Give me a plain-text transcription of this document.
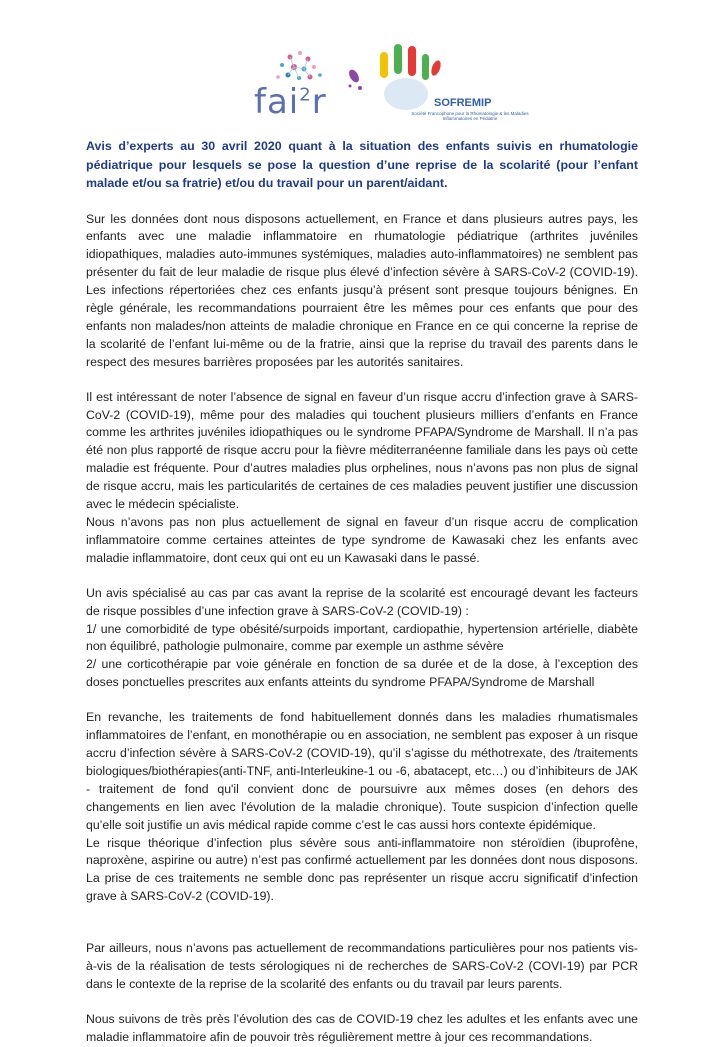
fai$^2$r	SOFREMIP
Société Francophone pour la Rhumatologie & les Maladies Inflammatoires en Pédiatrie
Avis d’experts au 30 avril 2020 quant à la situation des enfants suivis en rhumatologie pédiatrique pour lesquels se pose la question d’une reprise de la scolarité (pour l’enfant malade et/ou sa fratrie) et/ou du travail pour un parent/aidant.

Sur les données dont nous disposons actuellement, en France et dans plusieurs autres pays, les enfants avec une maladie inflammatoire en rhumatologie pédiatrique (arthrites juvéniles idiopathiques, maladies auto-immunes systémiques, maladies auto-inflammatoires) ne semblent pas présenter du fait de leur maladie de risque plus élevé d’infection sévère à SARS-CoV-2 (COVID-19). Les infections répertoriées chez ces enfants jusqu’à présent sont presque toujours bénignes. En règle générale, les recommandations pourraient être les mêmes pour ces enfants que pour des enfants non malades/non atteints de maladie chronique en France en ce qui concerne la reprise de la scolarité de l’enfant lui-même ou de la fratrie, ainsi que la reprise du travail des parents dans le respect des mesures barrières proposées par les autorités sanitaires.

Il est intéressant de noter l’absence de signal en faveur d’un risque accru d’infection grave à SARS-CoV-2 (COVID-19), même pour des maladies qui touchent plusieurs milliers d’enfants en France comme les arthrites juvéniles idiopathiques ou le syndrome PFAPA/Syndrome de Marshall. Il n’a pas été non plus rapporté de risque accru pour la fièvre méditerranéenne familiale dans les pays où cette maladie est fréquente. Pour d’autres maladies plus orphelines, nous n’avons pas non plus de signal de risque accru, mais les particularités de certaines de ces maladies peuvent justifier une discussion avec le médecin spécialiste.

Nous n’avons pas non plus actuellement de signal en faveur d’un risque accru de complication inflammatoire comme certaines atteintes de type syndrome de Kawasaki chez les enfants avec maladie inflammatoire, dont ceux qui ont eu un Kawasaki dans le passé.

Un avis spécialisé au cas par cas avant la reprise de la scolarité est encouragé devant les facteurs de risque possibles d’une infection grave à SARS-CoV-2 (COVID-19) :

1/ une comorbidité de type obésité/surpoids important, cardiopathie, hypertension artérielle, diabète non équilibré, pathologie pulmonaire, comme par exemple un asthme sévère

2/ une corticothérapie par voie générale en fonction de sa durée et de la dose, à l’exception des doses ponctuelles prescrites aux enfants atteints du syndrome PFAPA/Syndrome de Marshall

En revanche, les traitements de fond habituellement donnés dans les maladies rhumatismales inflammatoires de l’enfant, en monothérapie ou en association, ne semblent pas exposer à un risque accru d’infection sévère à SARS-CoV-2 (COVID-19), qu’il s’agisse du méthotrexate, des /traitements biologiques/biothérapies(anti-TNF, anti-Interleukine-1 ou -6, abatacept, etc…) ou d’inhibiteurs de JAK - traitement de fond qu'il convient donc de poursuivre aux mêmes doses (en dehors des changements en lien avec l'évolution de la maladie chronique). Toute suspicion d’infection quelle qu’elle soit justifie un avis médical rapide comme c’est le cas aussi hors contexte épidémique.

Le risque théorique d’infection plus sévère sous anti-inflammatoire non stéroïdien (ibuprofène, naproxène, aspirine ou autre) n’est pas confirmé actuellement par les données dont nous disposons. La prise de ces traitements ne semble donc pas représenter un risque accru significatif d’infection grave à SARS-CoV-2 (COVID-19).

Par ailleurs, nous n’avons pas actuellement de recommandations particulières pour nos patients vis-à-vis de la réalisation de tests sérologiques ni de recherches de SARS-CoV-2 (COVI-19) par PCR dans le contexte de la reprise de la scolarité des enfants ou du travail par leurs parents.

Nous suivons de très près l’évolution des cas de COVID-19 chez les adultes et les enfants avec une maladie inflammatoire afin de pouvoir très régulièrement mettre à jour ces recommandations.
